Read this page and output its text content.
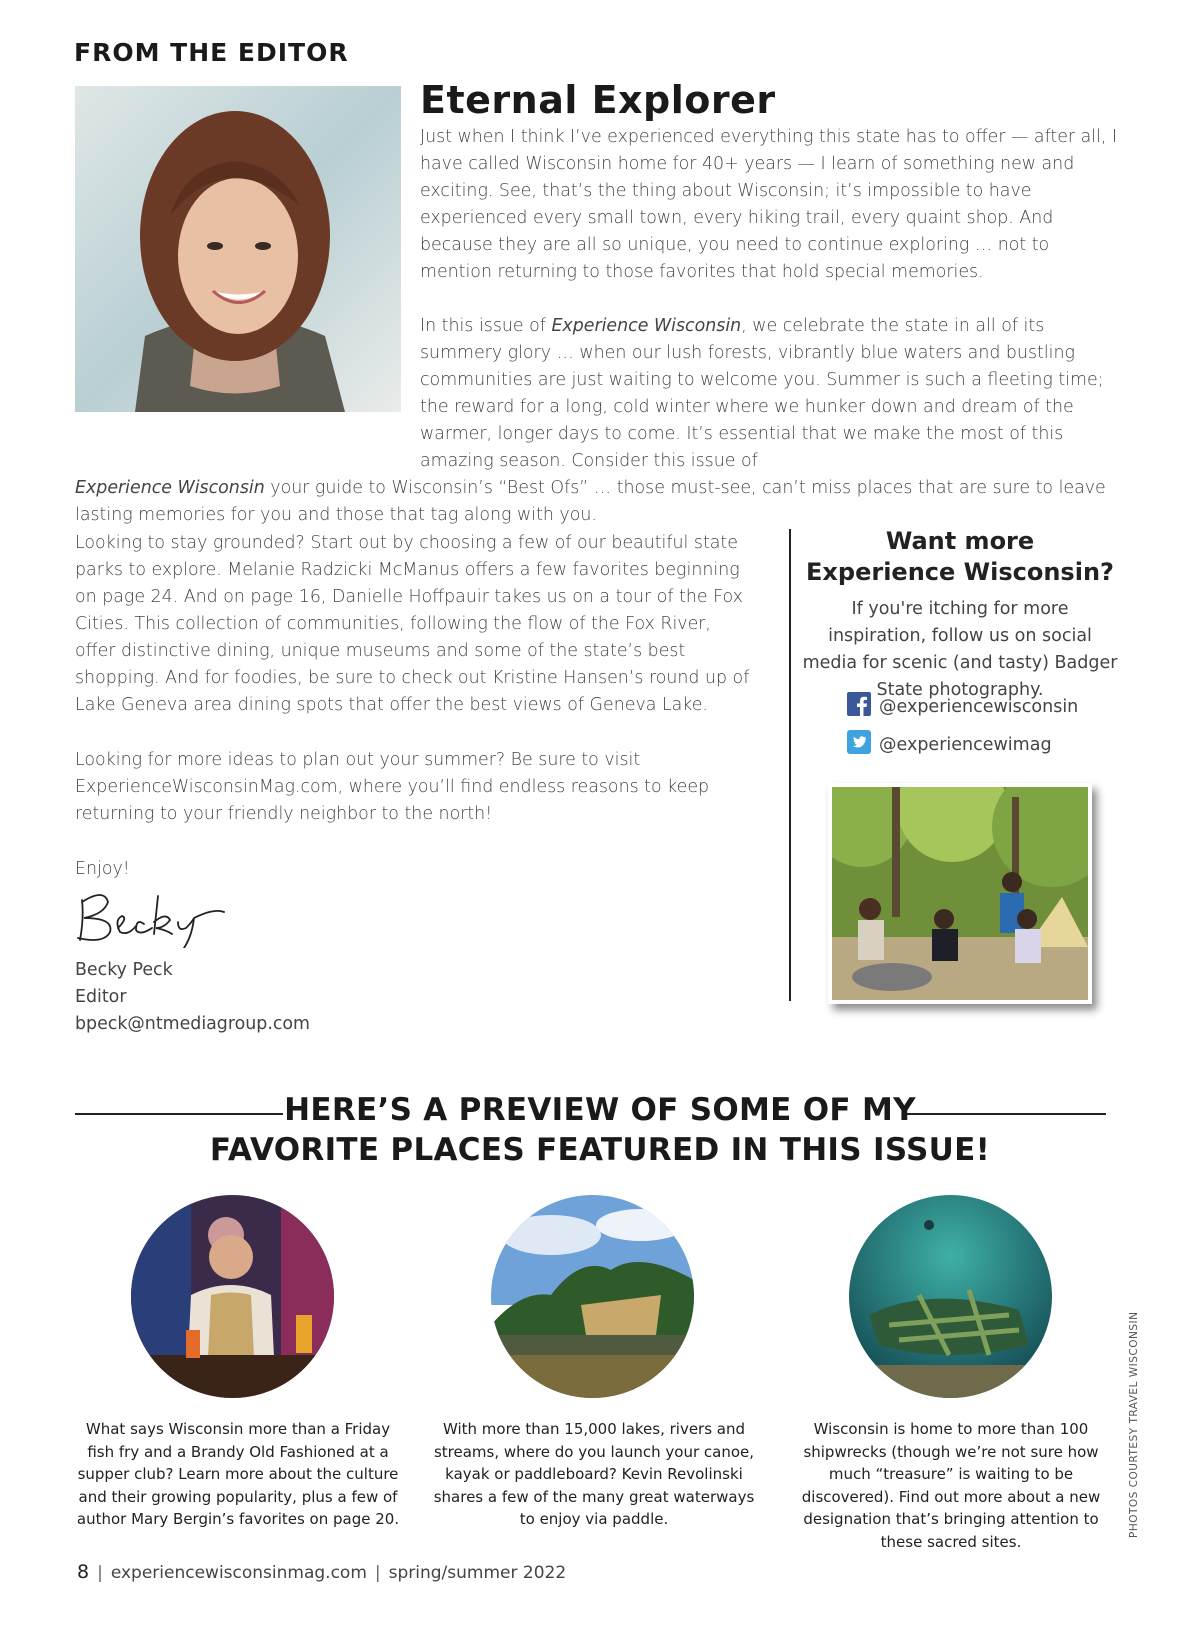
FROM THE EDITOR
Eternal Explorer

Just when I think I’ve experienced everything this state has to offer — after all, I have called Wisconsin home for 40+ years — I learn of something new and exciting. See, that’s the thing about Wisconsin; it’s impossible to have experienced every small town, every hiking trail, every quaint shop. And because they are all so unique, you need to continue exploring … not to mention returning to those favorites that hold special memories.

In this issue of Experience Wisconsin, we celebrate the state in all of its summery glory … when our lush forests, vibrantly blue waters and bustling communities are just waiting to welcome you. Summer is such a fleeting time; the reward for a long, cold winter where we hunker down and dream of the warmer, longer days to come. It’s essential that we make the most of this amazing season. Consider this issue of
Experience Wisconsin your guide to Wisconsin’s “Best Ofs” … those must-see, can’t miss places that are sure to leave lasting memories for you and those that tag along with you.

Looking to stay grounded? Start out by choosing a few of our beautiful state parks to explore. Melanie Radzicki McManus offers a few favorites beginning on page 24. And on page 16, Danielle Hoffpauir takes us on a tour of the Fox Cities. This collection of communities, following the flow of the Fox River, offer distinctive dining, unique museums and some of the state’s best shopping. And for foodies, be sure to check out Kristine Hansen’s round up of Lake Geneva area dining spots that offer the best views of Geneva Lake.

Looking for more ideas to plan out your summer? Be sure to visit ExperienceWisconsinMag.com, where you’ll find endless reasons to keep returning to your friendly neighbor to the north!

Enjoy!
Becky Peck
Editor
bpeck@ntmediagroup.com
Want more
Experience Wisconsin?

If you're itching for more inspiration, follow us on social media for scenic (and tasty) Badger State photography.

@experiencewisconsin
@experiencewimag
HERE’S A PREVIEW OF SOME OF MY
FAVORITE PLACES FEATURED IN THIS ISSUE!

What says Wisconsin more than a Friday fish fry and a Brandy Old Fashioned at a supper club? Learn more about the culture and their growing popularity, plus a few of author Mary Bergin’s favorites on page 20.

With more than 15,000 lakes, rivers and streams, where do you launch your canoe, kayak or paddleboard? Kevin Revolinski shares a few of the many great waterways to enjoy via paddle.

Wisconsin is home to more than 100 shipwrecks (though we’re not sure how much “treasure” is waiting to be discovered). Find out more about a new designation that’s bringing attention to these sacred sites.

PHOTOS COURTESY TRAVEL WISCONSIN
8 | experiencewisconsinmag.com | spring/summer 2022
